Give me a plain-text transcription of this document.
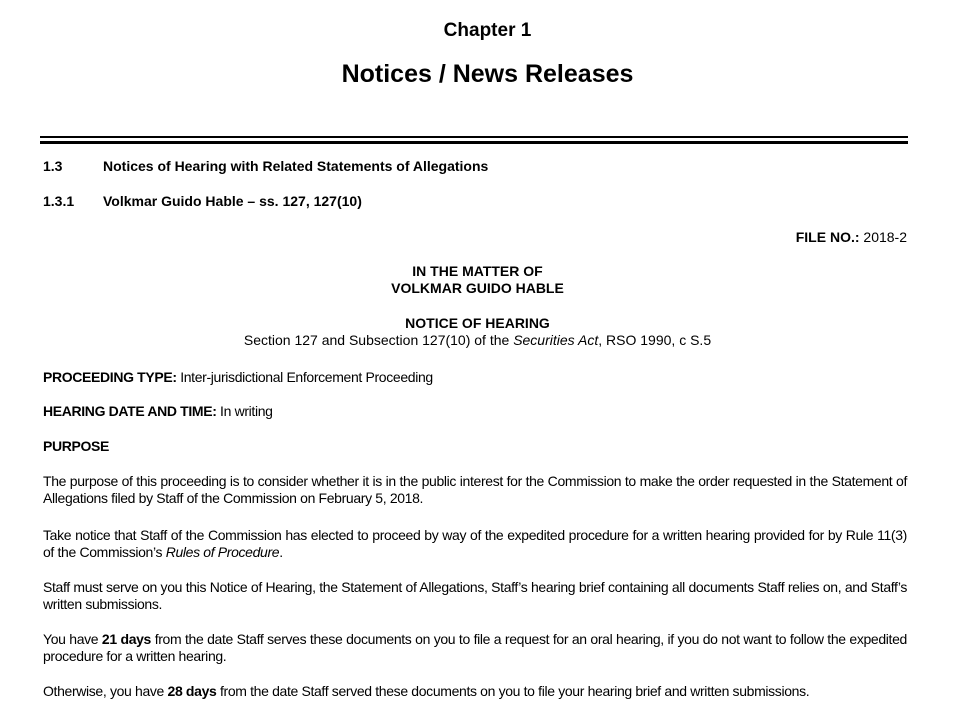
Chapter 1
Notices / News Releases
1.3	Notices of Hearing with Related Statements of Allegations
1.3.1 Volkmar Guido Hable – ss. 127, 127(10)
FILE NO.: 2018-2
IN THE MATTER OF
VOLKMAR GUIDO HABLE
NOTICE OF HEARING
Section 127 and Subsection 127(10) of the Securities Act, RSO 1990, c S.5
PROCEEDING TYPE: Inter-jurisdictional Enforcement Proceeding
HEARING DATE AND TIME: In writing
PURPOSE
The purpose of this proceeding is to consider whether it is in the public interest for the Commission to make the order requested in the Statement of Allegations filed by Staff of the Commission on February 5, 2018.
Take notice that Staff of the Commission has elected to proceed by way of the expedited procedure for a written hearing provided for by Rule 11(3) of the Commission’s Rules of Procedure.
Staff must serve on you this Notice of Hearing, the Statement of Allegations, Staff’s hearing brief containing all documents Staff relies on, and Staff’s written submissions.
You have 21 days from the date Staff serves these documents on you to file a request for an oral hearing, if you do not want to follow the expedited procedure for a written hearing.
Otherwise, you have 28 days from the date Staff served these documents on you to file your hearing brief and written submissions.
